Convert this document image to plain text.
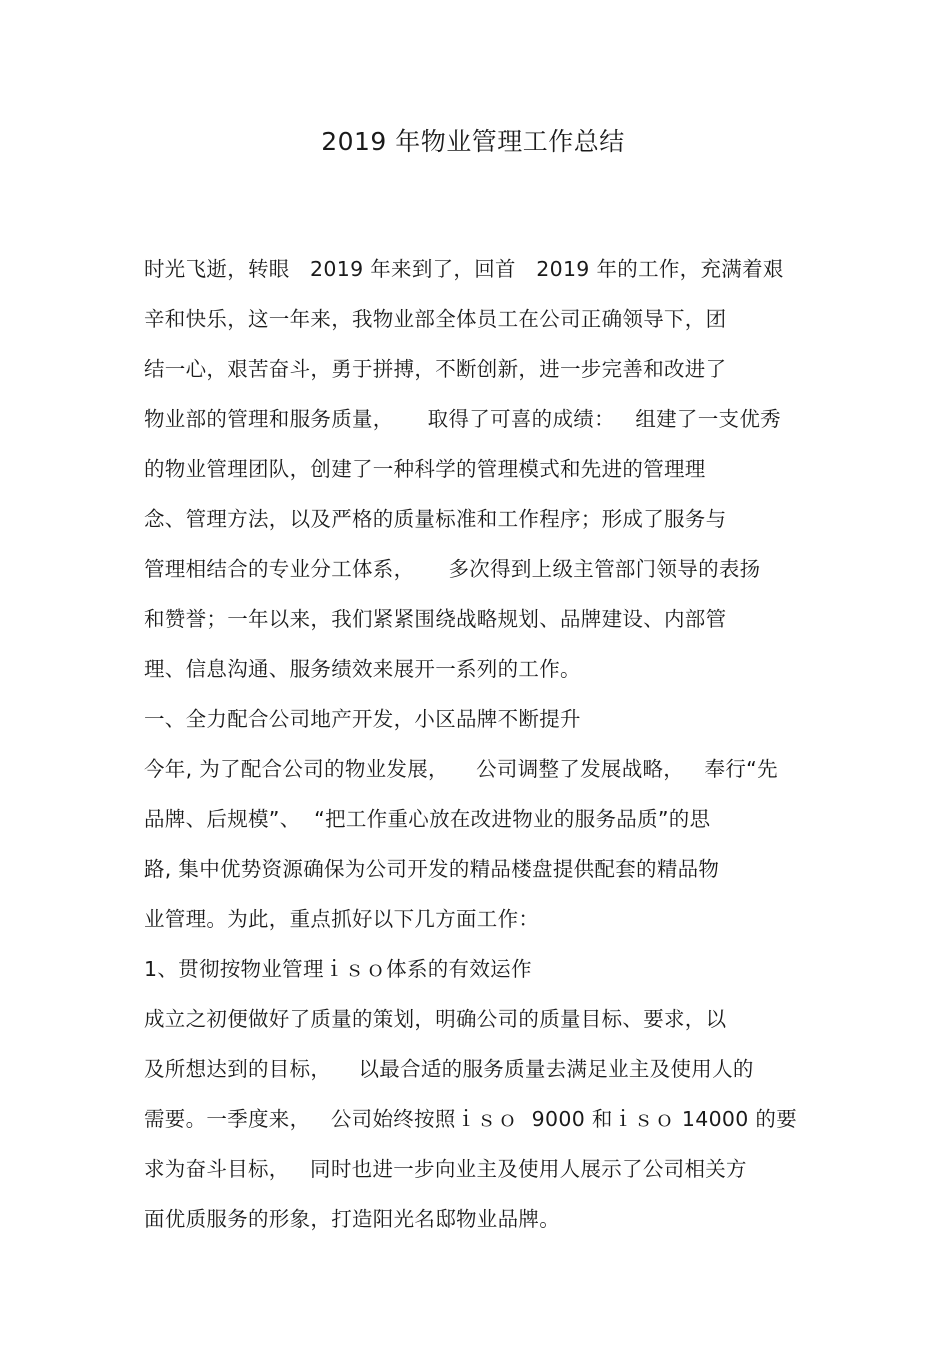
2019 年物业管理工作总结
时光飞逝，转眼   2019 年来到了，回首   2019 年的工作，充满着艰
辛和快乐，这一年来，我物业部全体员工在公司正确领导下，团
结一心，艰苦奋斗，勇于拼搏，不断创新，进一步完善和改进了
物业部的管理和服务质量，     取得了可喜的成绩：   组建了一支优秀
的物业管理团队，创建了一种科学的管理模式和先进的管理理
念、管理方法，以及严格的质量标准和工作程序；形成了服务与
管理相结合的专业分工体系，     多次得到上级主管部门领导的表扬
和赞誉；一年以来，我们紧紧围绕战略规划、品牌建设、内部管
理、信息沟通、服务绩效来展开一系列的工作。
一、全力配合公司地产开发，小区品牌不断提升
今年, 为了配合公司的物业发展，    公司调整了发展战略，   奉行“先
品牌、后规模”、  “把工作重心放在改进物业的服务品质”的思
路, 集中优势资源确保为公司开发的精品楼盘提供配套的精品物
业管理。为此，重点抓好以下几方面工作：
1、贯彻按物业管理ｉｓｏ体系的有效运作
成立之初便做好了质量的策划，明确公司的质量目标、要求，以
及所想达到的目标，    以最合适的服务质量去满足业主及使用人的
需要。一季度来，   公司始终按照ｉｓｏ  9000 和ｉｓｏ 14000 的要
求为奋斗目标，   同时也进一步向业主及使用人展示了公司相关方
面优质服务的形象，打造阳光名邸物业品牌。
